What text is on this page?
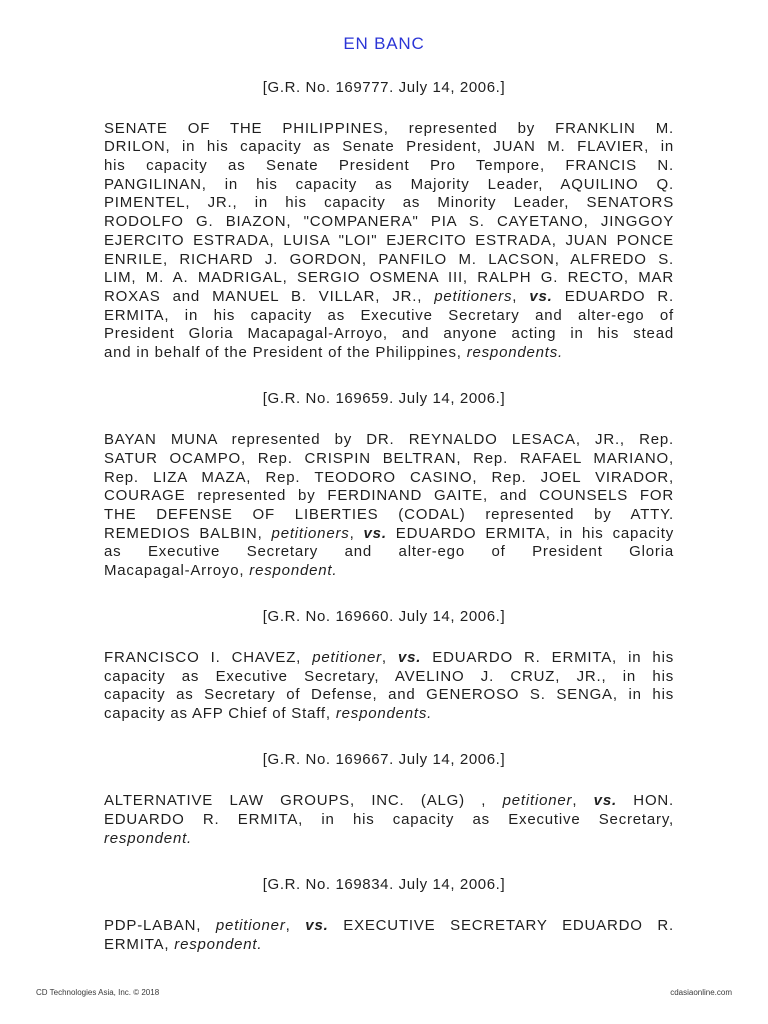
EN BANC
[G.R. No. 169777. July 14, 2006.]
SENATE OF THE PHILIPPINES, represented by FRANKLIN M.
DRILON, in his capacity as Senate President, JUAN M. FLAVIER, in
his capacity as Senate President Pro Tempore, FRANCIS N.
PANGILINAN, in his capacity as Majority Leader, AQUILINO Q.
PIMENTEL, JR., in his capacity as Minority Leader, SENATORS
RODOLFO G. BIAZON, "COMPANERA" PIA S. CAYETANO, JINGGOY
EJERCITO ESTRADA, LUISA "LOI" EJERCITO ESTRADA, JUAN PONCE
ENRILE, RICHARD J. GORDON, PANFILO M. LACSON, ALFREDO S.
LIM, M. A. MADRIGAL, SERGIO OSMENA III, RALPH G. RECTO, MAR
ROXAS and MANUEL B. VILLAR, JR., petitioners, vs. EDUARDO R.
ERMITA, in his capacity as Executive Secretary and alter-ego of
President Gloria Macapagal-Arroyo, and anyone acting in his stead
and in behalf of the President of the Philippines, respondents.
[G.R. No. 169659. July 14, 2006.]
BAYAN MUNA represented by DR. REYNALDO LESACA, JR., Rep.
SATUR OCAMPO, Rep. CRISPIN BELTRAN, Rep. RAFAEL MARIANO,
Rep. LIZA MAZA, Rep. TEODORO CASINO, Rep. JOEL VIRADOR,
COURAGE represented by FERDINAND GAITE, and COUNSELS FOR
THE DEFENSE OF LIBERTIES (CODAL) represented by ATTY.
REMEDIOS BALBIN, petitioners, vs. EDUARDO ERMITA, in his capacity
as Executive Secretary and alter-ego of President Gloria
Macapagal-Arroyo, respondent.
[G.R. No. 169660. July 14, 2006.]
FRANCISCO I. CHAVEZ, petitioner, vs. EDUARDO R. ERMITA, in his
capacity as Executive Secretary, AVELINO J. CRUZ, JR., in his
capacity as Secretary of Defense, and GENEROSO S. SENGA, in his
capacity as AFP Chief of Staff, respondents.
[G.R. No. 169667. July 14, 2006.]
ALTERNATIVE LAW GROUPS, INC. (ALG) , petitioner, vs. HON.
EDUARDO R. ERMITA, in his capacity as Executive Secretary,
respondent.
[G.R. No. 169834. July 14, 2006.]
PDP-LABAN, petitioner, vs. EXECUTIVE SECRETARY EDUARDO R.
ERMITA, respondent.
CD Technologies Asia, Inc. © 2018	cdasiaonline.com
